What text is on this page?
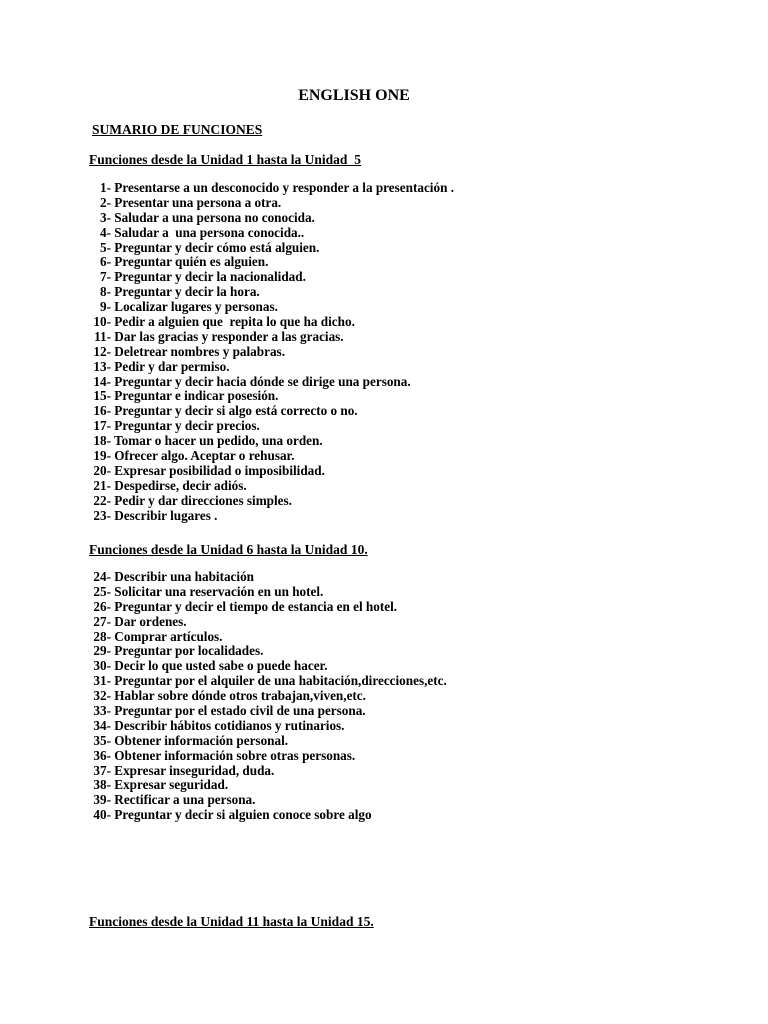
ENGLISH ONE
SUMARIO DE FUNCIONES
Funciones desde la Unidad 1 hasta la Unidad  5
1- Presentarse a un desconocido y responder a la presentación .
2- Presentar una persona a otra.
3- Saludar a una persona no conocida.
4- Saludar a  una persona conocida..
5- Preguntar y decir cómo está alguien.
6- Preguntar quién es alguien.
7- Preguntar y decir la nacionalidad.
8- Preguntar y decir la hora.
9- Localizar lugares y personas.
10- Pedir a alguien que  repita lo que ha dicho.
11- Dar las gracias y responder a las gracias.
12- Deletrear nombres y palabras.
13- Pedir y dar permiso.
14- Preguntar y decir hacia dónde se dirige una persona.
15- Preguntar e indicar posesión.
16- Preguntar y decir si algo está correcto o no.
17- Preguntar y decir precios.
18- Tomar o hacer un pedido, una orden.
19- Ofrecer algo. Aceptar o rehusar.
20- Expresar posibilidad o imposibilidad.
21- Despedirse, decir adiós.
22- Pedir y dar direcciones simples.
23- Describir lugares .
Funciones desde la Unidad 6 hasta la Unidad 10.
24- Describir una habitación
25- Solicitar una reservación en un hotel.
26- Preguntar y decir el tiempo de estancia en el hotel.
27- Dar ordenes.
28- Comprar artículos.
29- Preguntar por localidades.
30- Decir lo que usted sabe o puede hacer.
31- Preguntar por el alquiler de una habitación,direcciones,etc.
32- Hablar sobre dónde otros trabajan,viven,etc.
33- Preguntar por el estado civil de una persona.
34- Describir hábitos cotidianos y rutinarios.
35- Obtener información personal.
36- Obtener información sobre otras personas.
37- Expresar inseguridad, duda.
38- Expresar seguridad.
39- Rectificar a una persona.
40- Preguntar y decir si alguien conoce sobre algo
Funciones desde la Unidad 11 hasta la Unidad 15.
